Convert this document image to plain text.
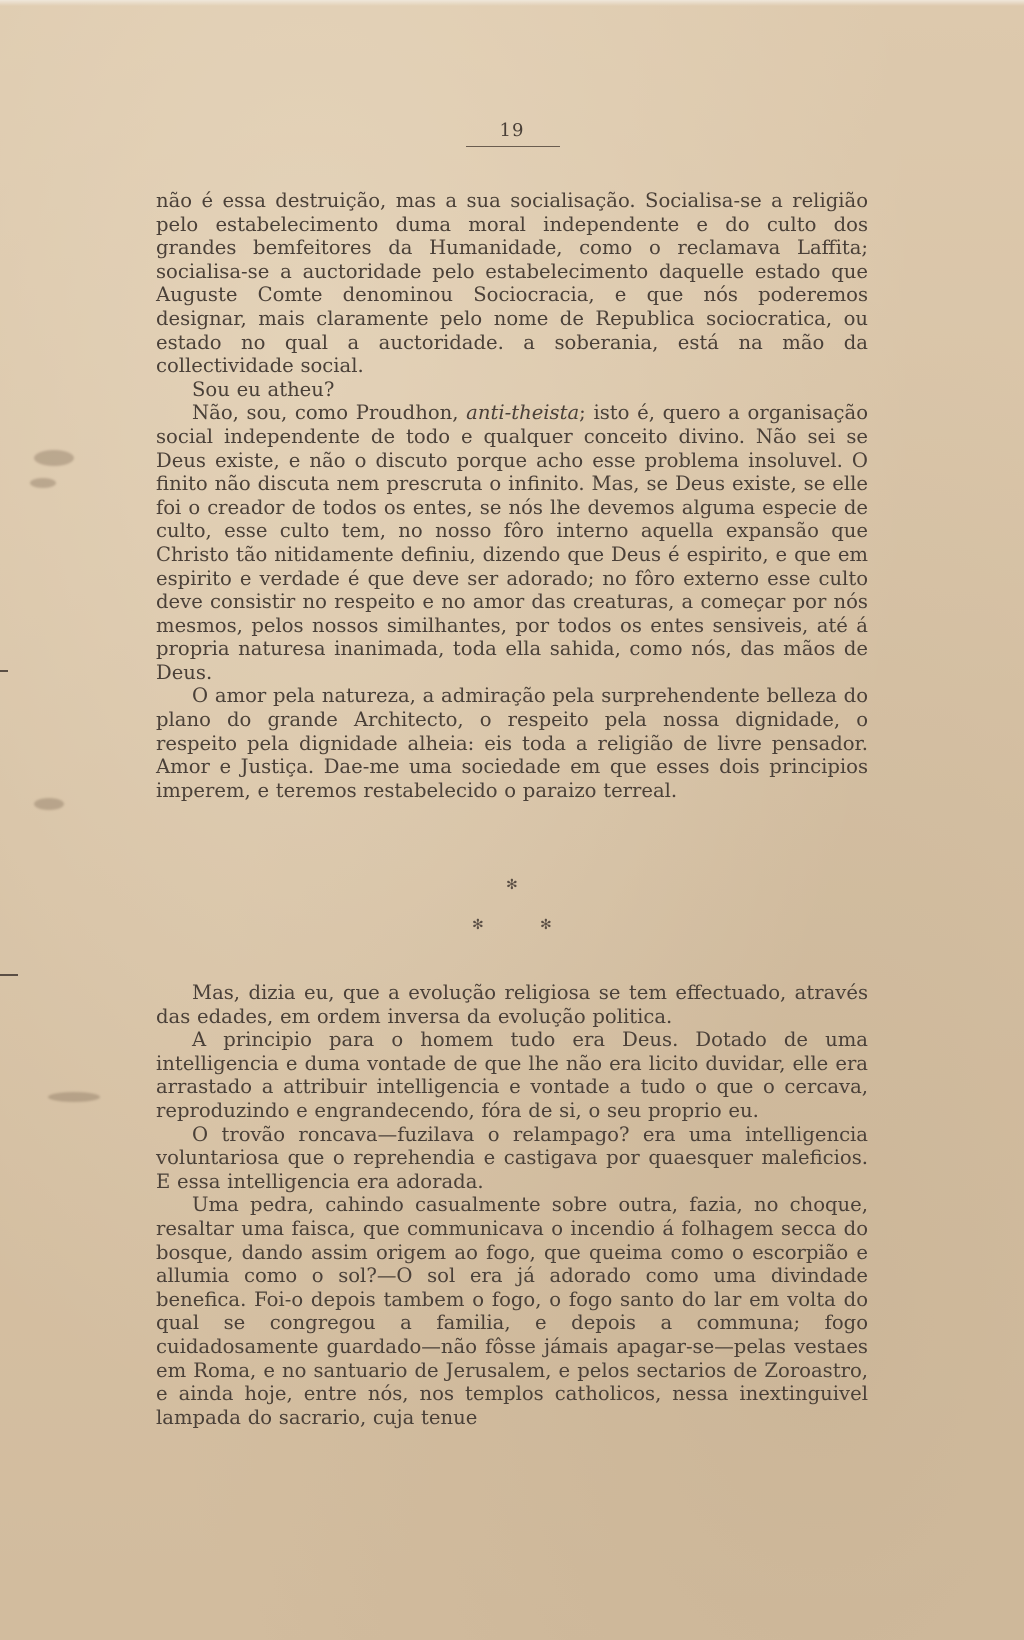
19

não é essa destruição, mas a sua socialisação. Socialisa-se a religião pelo estabelecimento duma moral independente e do culto dos grandes bemfeitores da Humanidade, como o reclamava Laffita; socialisa-se a auctoridade pelo estabelecimento daquelle estado que Auguste Comte denominou Sociocracia, e que nós poderemos designar, mais claramente pelo nome de Republica sociocratica, ou estado no qual a auctoridade. a soberania, está na mão da collectividade social.

Sou eu atheu?

Não, sou, como Proudhon, anti-theista; isto é, quero a organisação social independente de todo e qualquer conceito divino. Não sei se Deus existe, e não o discuto porque acho esse problema insoluvel. O finito não discuta nem prescruta o infinito. Mas, se Deus existe, se elle foi o creador de todos os entes, se nós lhe devemos alguma especie de culto, esse culto tem, no nosso fôro interno aquella expansão que Christo tão nitidamente definiu, dizendo que Deus é espirito, e que em espirito e verdade é que deve ser adorado; no fôro externo esse culto deve consistir no respeito e no amor das creaturas, a começar por nós mesmos, pelos nossos similhantes, por todos os entes sensiveis, até á propria naturesa inanimada, toda ella sahida, como nós, das mãos de Deus.

O amor pela natureza, a admiração pela surprehendente belleza do plano do grande Architecto, o respeito pela nossa dignidade, o respeito pela dignidade alheia: eis toda a religião de livre pensador. Amor e Justiça. Dae-me uma sociedade em que esses dois principios imperem, e teremos restabelecido o paraizo terreal.

✻
✻	✻

Mas, dizia eu, que a evolução religiosa se tem effectuado, através das edades, em ordem inversa da evolução politica.

A principio para o homem tudo era Deus. Dotado de uma intelligencia e duma vontade de que lhe não era licito duvidar, elle era arrastado a attribuir intelligencia e vontade a tudo o que o cercava, reproduzindo e engrandecendo, fóra de si, o seu proprio eu.

O trovão roncava—fuzilava o relampago? era uma intelligencia voluntariosa que o reprehendia e castigava por quaesquer maleficios. E essa intelligencia era adorada.

Uma pedra, cahindo casualmente sobre outra, fazia, no choque, resaltar uma faisca, que communicava o incendio á folhagem secca do bosque, dando assim origem ao fogo, que queima como o escorpião e allumia como o sol?—O sol era já adorado como uma divindade benefica. Foi-o depois tambem o fogo, o fogo santo do lar em volta do qual se congregou a familia, e depois a communa; fogo cuidadosamente guardado—não fôsse jámais apagar-se—pelas vestaes em Roma, e no santuario de Jerusalem, e pelos sectarios de Zoroastro, e ainda hoje, entre nós, nos templos catholicos, nessa inextinguivel lampada do sacrario, cuja tenue
